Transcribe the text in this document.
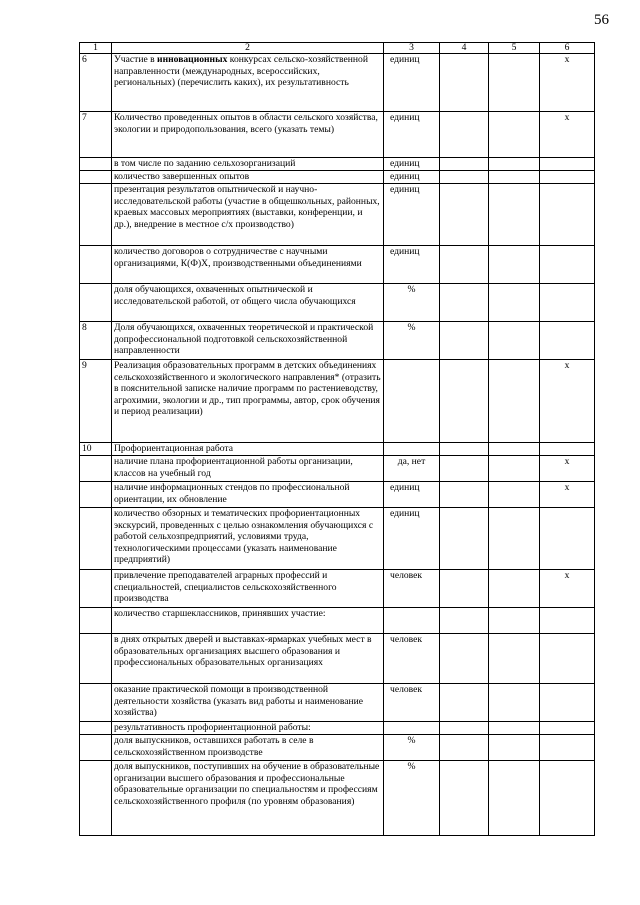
56
1	2	3	4	5	6
6	Участие в инновационных конкурсах сельско-хозяйственной направленности (международных, всероссийских, региональных) (перечислить каких), их результативность	единиц			x
7	Количество проведенных опытов в области сельского хозяйства, экологии и природопользования, всего (указать темы)	единиц			x
	в том числе по заданию сельхозорганизаций	единиц			
	количество завершенных опытов	единиц			
	презентация результатов опытнической и научно-исследовательской работы (участие в общешкольных, районных, краевых массовых мероприятиях (выставки, конференции, и др.), внедрение в местное с/х производство)	единиц			
	количество договоров о сотрудничестве с научными организациями, К(Ф)Х, производственными объединениями	единиц			
	доля обучающихся, охваченных опытнической и исследовательской работой, от общего числа обучающихся	%			
8	Доля обучающихся, охваченных теоретической и практической допрофессиональной подготовкой сельскохозяйственной направленности	%			
9	Реализация образовательных программ в детских объединениях сельскохозяйственного и экологического направления* (отразить в пояснительной записке наличие программ по растениеводству, агрохимии, экологии и др., тип программы, автор, срок обучения и период реализации)				x
10	Профориентационная работа				
	наличие плана профориентационной работы организации, классов на учебный год	да, нет			x
	наличие информационных стендов по профессиональной ориентации, их обновление	единиц			x
	количество обзорных и тематических профориентационных экскурсий, проведенных с целью ознакомления обучающихся с работой сельхозпредприятий, условиями труда, технологическими процессами (указать наименование предприятий)	единиц			
	привлечение преподавателей аграрных профессий и специальностей, специалистов сельскохозяйственного производства	человек			x
	количество старшеклассников, принявших участие:				
	в днях открытых дверей и выставках-ярмарках учебных мест в образовательных организациях высшего образования и профессиональных образовательных организациях	человек			
	оказание практической помощи в производственной деятельности хозяйства (указать вид работы и наименование хозяйства)	человек			
	результативность профориентационной работы:				
	доля выпускников, оставшихся работать в селе в сельскохозяйственном производстве	%			
	доля выпускников, поступивших на обучение в образовательные организации высшего образования и профессиональные образовательные организации по специальностям и профессиям сельскохозяйственного профиля (по уровням образования)	%			
